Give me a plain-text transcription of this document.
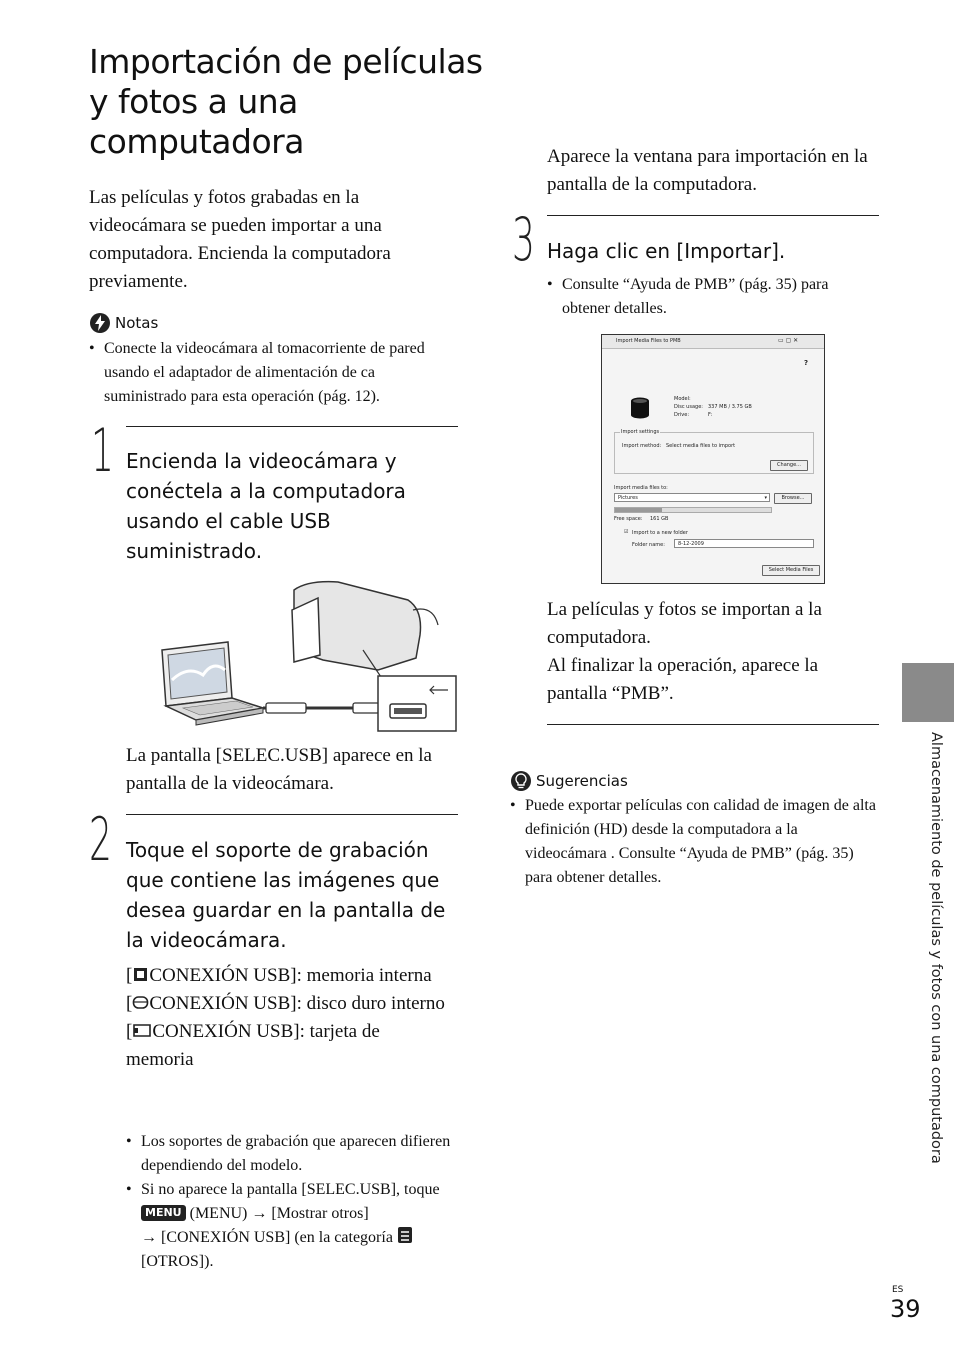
Importación de películas y fotos a una computadora
Las películas y fotos grabadas en la videocámara se pueden importar a una computadora. Encienda la computadora previamente.
Notas
• Conecte la videocámara al tomacorriente de pared usando el adaptador de alimentación de ca suministrado para esta operación (pág. 12).
1 Encienda la videocámara y conéctela a la computadora usando el cable USB suministrado.
La pantalla [SELEC.USB] aparece en la pantalla de la videocámara.
2 Toque el soporte de grabación que contiene las imágenes que desea guardar en la pantalla de la videocámara.
[ CONEXIÓN USB]: memoria interna
[ CONEXIÓN USB]: disco duro interno
[ CONEXIÓN USB]: tarjeta de memoria
• Los soportes de grabación que aparecen difieren dependiendo del modelo.
• Si no aparece la pantalla [SELEC.USB], toque MENU (MENU) → [Mostrar otros]
→ [CONEXIÓN USB] (en la categoría
[OTROS]).
Aparece la ventana para importación en la pantalla de la computadora.
3 Haga clic en [Importar].
• Consulte “Ayuda de PMB” (pág. 35) para obtener detalles.
Import Media Files to PMB	▭ ▢ ✕
?
Model:
Disc usage: 337 MB / 3.75 GB
Drive:	F:
Import settings
Import method: Select media files to import
Change...
Import media files to:
Pictures	▾	Browse...
Free space: 161 GB
☑ Import to a new folder
Folder name:	8-12-2009
Select Media Files
La películas y fotos se importan a la computadora.
Al finalizar la operación, aparece la pantalla “PMB”.
Sugerencias
• Puede exportar películas con calidad de imagen de alta definición (HD) desde la computadora a la videocámara . Consulte “Ayuda de PMB” (pág. 35) para obtener detalles.	Almacenamiento de películas y fotos con una computadora
ES
39
